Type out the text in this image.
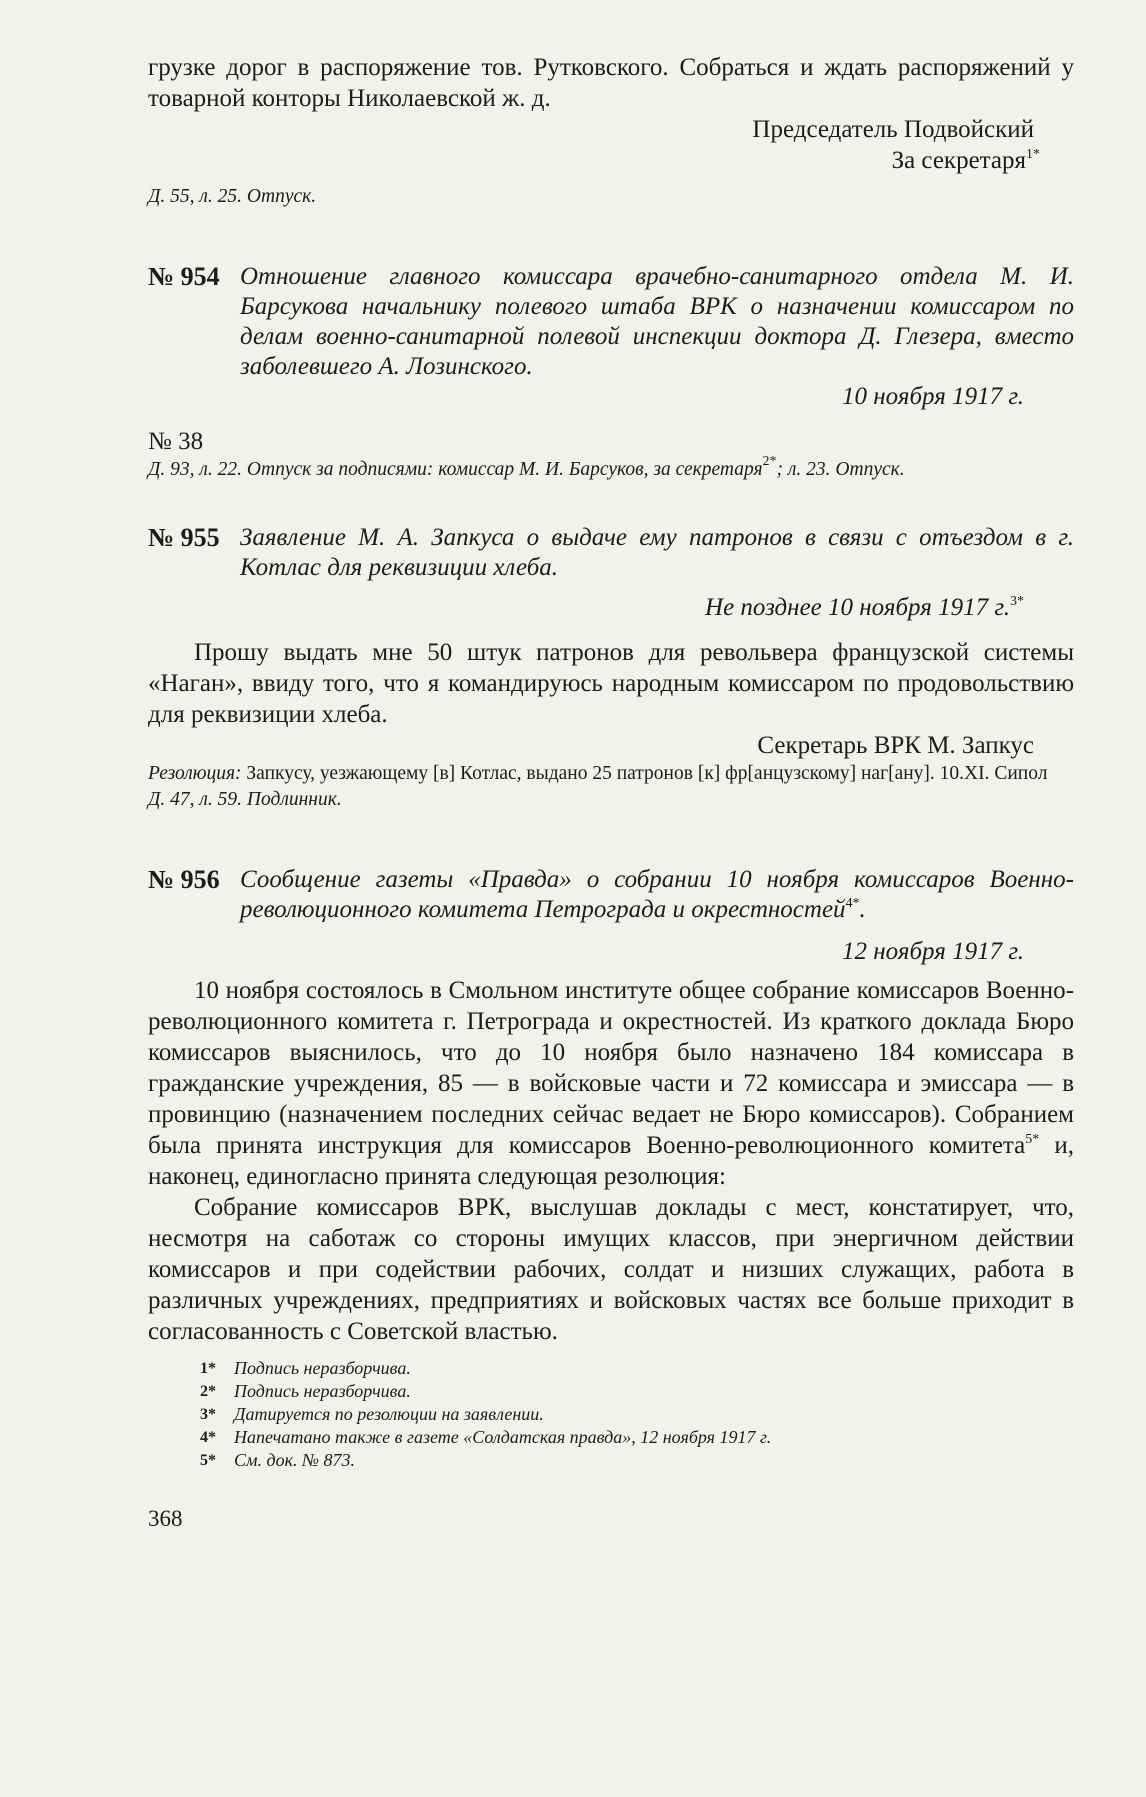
грузке дорог в распоряжение тов. Рутковского. Собраться и ждать распоряжений у товарной конторы Николаевской ж. д.
Председатель Подвойский
За секретаря$^{1*}$
Д. 55, л. 25. Отпуск.
№ 954 Отношение главного комиссара врачебно-санитарного отдела М. И. Барсукова начальнику полевого штаба ВРК о назначении комиссаром по делам военно-санитарной полевой инспекции доктора Д. Глезера, вместо заболевшего А. Лозинского.
10 ноября 1917 г.
№ 38
Д. 93, л. 22. Отпуск за подписями: комиссар М. И. Барсуков, за секретаря$^{2*}$; л. 23. Отпуск.
№ 955 Заявление М. А. Запкуса о выдаче ему патронов в связи с отъездом в г. Котлас для реквизиции хлеба.
Не позднее 10 ноября 1917 г.$^{3*}$
Прошу выдать мне 50 штук патронов для револьвера французской системы «Наган», ввиду того, что я командируюсь народным комиссаром по продовольствию для реквизиции хлеба.
Секретарь ВРК М. Запкус
Резолюция: Запкусу, уезжающему [в] Котлас, выдано 25 патронов [к] фр[анцузскому] наг[ану]. 10.XI. Сипол
Д. 47, л. 59. Подлинник.
№ 956 Сообщение газеты «Правда» о собрании 10 ноября комиссаров Военно-революционного комитета Петрограда и окрестностей$^{4*}$.
12 ноября 1917 г.
10 ноября состоялось в Смольном институте общее собрание комиссаров Военно-революционного комитета г. Петрограда и окрестностей. Из краткого доклада Бюро комиссаров выяснилось, что до 10 ноября было назначено 184 комиссара в гражданские учреждения, 85 — в войсковые части и 72 комиссара и эмиссара — в провинцию (назначением последних сейчас ведает не Бюро комиссаров). Собранием была принята инструкция для комиссаров Военно-революционного комитета$^{5*}$ и, наконец, единогласно принята следующая резолюция:
Собрание комиссаров ВРК, выслушав доклады с мест, констатирует, что, несмотря на саботаж со стороны имущих классов, при энергичном действии комиссаров и при содействии рабочих, солдат и низших служащих, работа в различных учреждениях, предприятиях и войсковых частях все больше приходит в согласованность с Советской властью.
1*	Подпись неразборчива.
2*	Подпись неразборчива.
3*	Датируется по резолюции на заявлении.
4*	Напечатано также в газете «Солдатская правда», 12 ноября 1917 г.
5*	См. док. № 873.
368
